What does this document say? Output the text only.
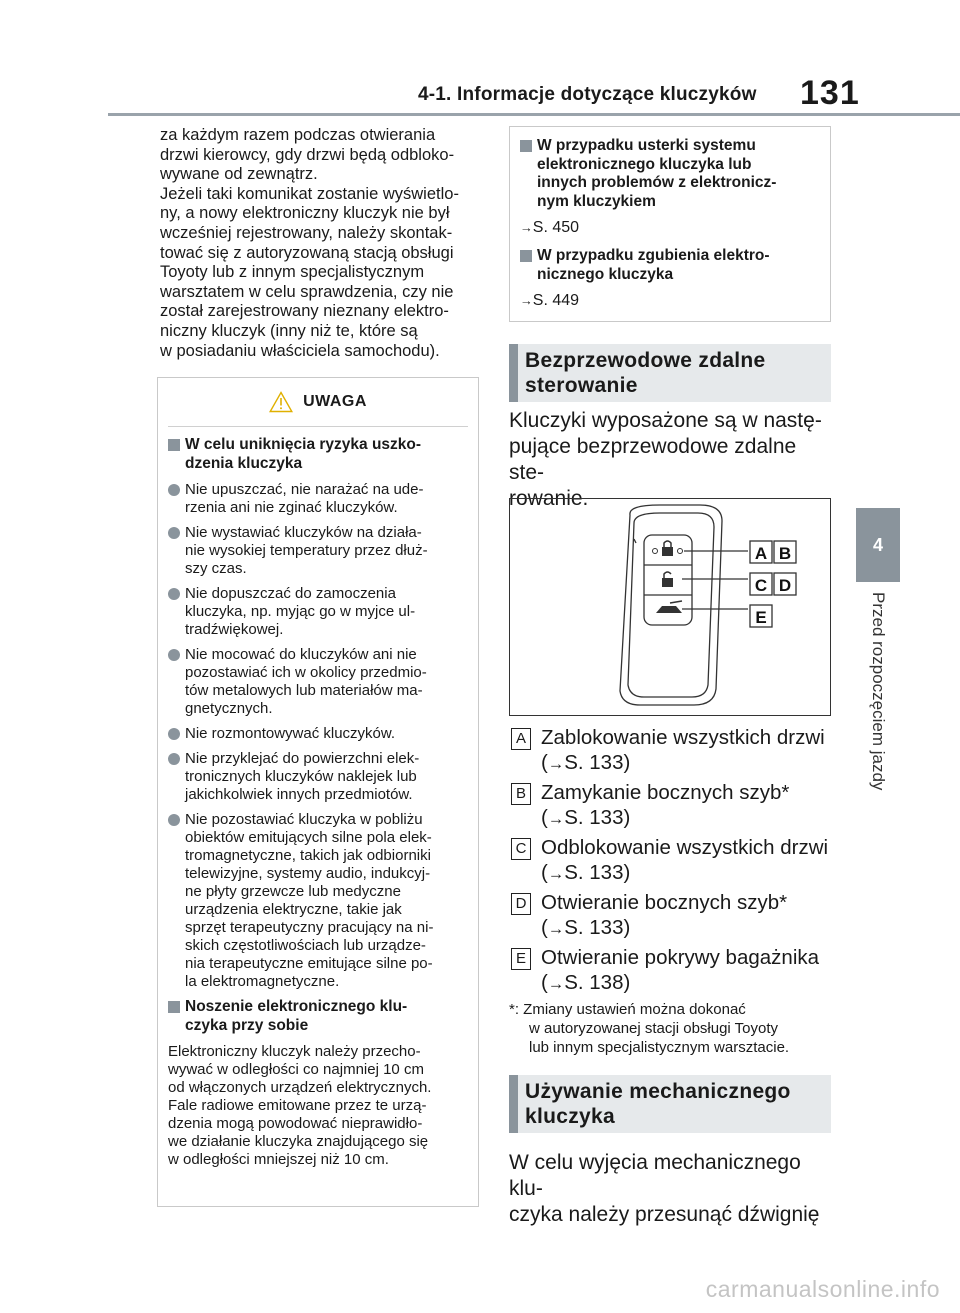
4-1. Informacje dotyczące kluczyków 131
4
Przed rozpoczęciem jazdy

za każdym razem podczas otwierania
drzwi kierowcy, gdy drzwi będą odbloko-
wywane od zewnątrz.
Jeżeli taki komunikat zostanie wyświetlo-
ny, a nowy elektroniczny kluczyk nie był
wcześniej rejestrowany, należy skontak-
tować się z autoryzowaną stacją obsługi
Toyoty lub z innym specjalistycznym
warsztatem w celu sprawdzenia, czy nie
został zarejestrowany nieznany elektro-
niczny kluczyk (inny niż te, które są
w posiadaniu właściciela samochodu).

UWAGA

W celu uniknięcia ryzyka uszko-
dzenia kluczyka

Nie upuszczać, nie narażać na ude-
rzenia ani nie zginać kluczyków.

Nie wystawiać kluczyków na działa-
nie wysokiej temperatury przez dłuż-
szy czas.

Nie dopuszczać do zamoczenia
kluczyka, np. myjąc go w myjce ul-
tradźwiękowej.

Nie mocować do kluczyków ani nie
pozostawiać ich w okolicy przedmio-
tów metalowych lub materiałów ma-
gnetycznych.

Nie rozmontowywać kluczyków.

Nie przyklejać do powierzchni elek-
tronicznych kluczyków naklejek lub
jakichkolwiek innych przedmiotów.

Nie pozostawiać kluczyka w pobliżu
obiektów emitujących silne pola elek-
tromagnetyczne, takich jak odbiorniki
telewizyjne, systemy audio, indukcyj-
ne płyty grzewcze lub medyczne
urządzenia elektryczne, takie jak
sprzęt terapeutyczny pracujący na ni-
skich częstotliwościach lub urządze-
nia terapeutyczne emitujące silne po-
la elektromagnetyczne.

Noszenie elektronicznego klu-
czyka przy sobie

Elektroniczny kluczyk należy przecho-
wywać w odległości co najmniej 10 cm
od włączonych urządzeń elektrycznych.
Fale radiowe emitowane przez te urzą-
dzenia mogą powodować nieprawidło-
we działanie kluczyka znajdującego się
w odległości mniejszej niż 10 cm.

W przypadku usterki systemu
elektronicznego kluczyka lub
innych problemów z elektronicz-
nym kluczykiem

→S. 450

W przypadku zgubienia elektro-
nicznego kluczyka

→S. 449

Bezprzewodowe zdalne
sterowanie

Kluczyki wyposażone są w nastę-
pujące bezprzewodowe zdalne ste-
rowanie.

A B
C D
E

A Zablokowanie wszystkich drzwi
(→S. 133)

B Zamykanie bocznych szyb*
(→S. 133)

C Odblokowanie wszystkich drzwi
(→S. 133)

D Otwieranie bocznych szyb*
(→S. 133)

E Otwieranie pokrywy bagażnika
(→S. 138)

*: Zmiany ustawień można dokonać
w autoryzowanej stacji obsługi Toyoty
lub innym specjalistycznym warsztacie.

Używanie mechanicznego
kluczyka

W celu wyjęcia mechanicznego klu-
czyka należy przesunąć dźwignię

carmanualsonline.info
